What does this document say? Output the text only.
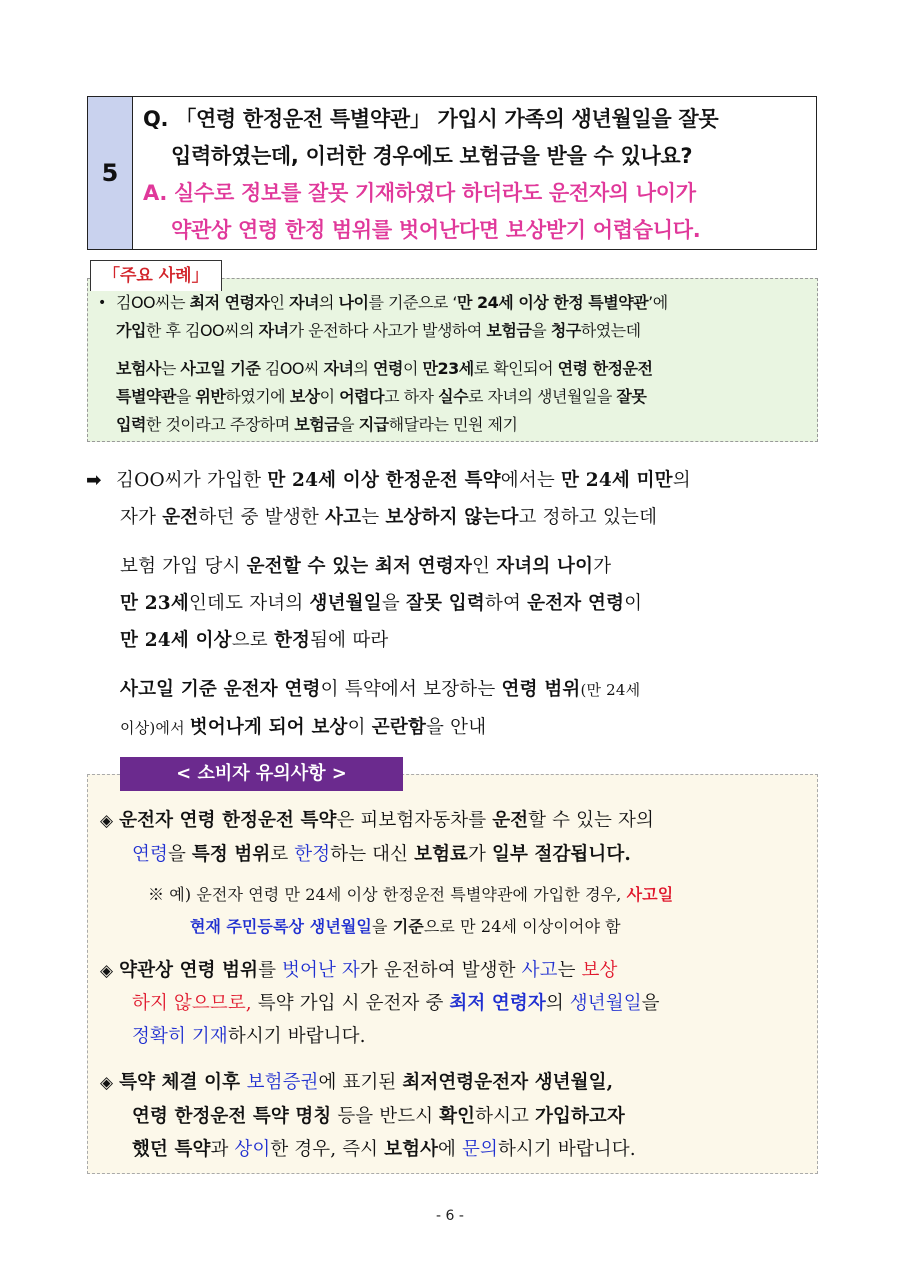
5
Q. 「연령 한정운전 특별약관」 가입시 가족의 생년월일을 잘못
입력하였는데, 이러한 경우에도 보험금을 받을 수 있나요?
A. 실수로 정보를 잘못 기재하였다 하더라도 운전자의 나이가
약관상 연령 한정 범위를 벗어난다면 보상받기 어렵습니다.
「주요 사례」
• 김OO씨는 최저 연령자인 자녀의 나이를 기준으로 ‘만 24세 이상 한정 특별약관’에
가입한 후 김OO씨의 자녀가 운전하다 사고가 발생하여 보험금을 청구하였는데
보험사는 사고일 기준 김OO씨 자녀의 연령이 만23세로 확인되어 연령 한정운전
특별약관을 위반하였기에 보상이 어렵다고 하자 실수로 자녀의 생년월일을 잘못
입력한 것이라고 주장하며 보험금을 지급해달라는 민원 제기
➡ 김OO씨가 가입한 만 24세 이상 한정운전 특약에서는 만 24세 미만의
자가 운전하던 중 발생한 사고는 보상하지 않는다고 정하고 있는데
보험 가입 당시 운전할 수 있는 최저 연령자인 자녀의 나이가
만 23세인데도 자녀의 생년월일을 잘못 입력하여 운전자 연령이
만 24세 이상으로 한정됨에 따라
사고일 기준 운전자 연령이 특약에서 보장하는 연령 범위(만 24세
이상)에서 벗어나게 되어 보상이 곤란함을 안내
< 소비자 유의사항 >
◈ 운전자 연령 한정운전 특약은 피보험자동차를 운전할 수 있는 자의
연령을 특정 범위로 한정하는 대신 보험료가 일부 절감됩니다.
※ 예) 운전자 연령 만 24세 이상 한정운전 특별약관에 가입한 경우, 사고일
현재 주민등록상 생년월일을 기준으로 만 24세 이상이어야 함
◈ 약관상 연령 범위를 벗어난 자가 운전하여 발생한 사고는 보상
하지 않으므로, 특약 가입 시 운전자 중 최저 연령자의 생년월일을
정확히 기재하시기 바랍니다.
◈ 특약 체결 이후 보험증권에 표기된 최저연령운전자 생년월일,
연령 한정운전 특약 명칭 등을 반드시 확인하시고 가입하고자
했던 특약과 상이한 경우, 즉시 보험사에 문의하시기 바랍니다.
- 6 -
